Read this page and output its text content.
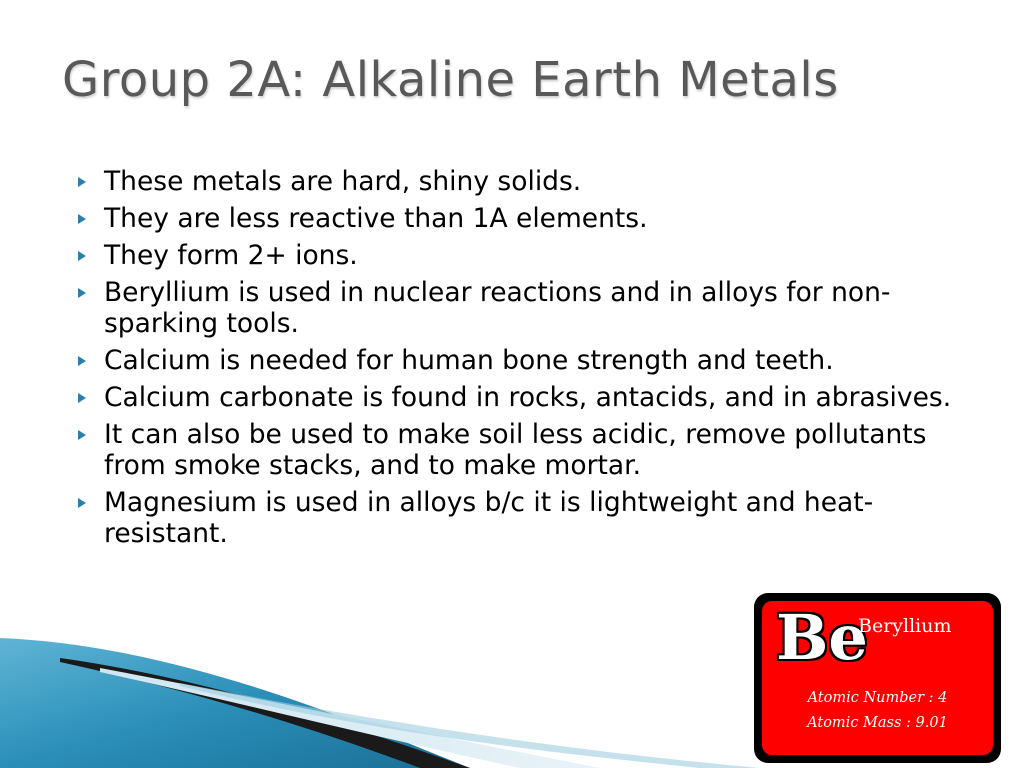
Group 2A: Alkaline Earth Metals
These metals are hard, shiny solids.
They are less reactive than 1A elements.
They form 2+ ions.
Beryllium is used in nuclear reactions and in alloys for non-sparking tools.
Calcium is needed for human bone strength and teeth.
Calcium carbonate is found in rocks, antacids, and in abrasives.
It can also be used to make soil less acidic, remove pollutants from smoke stacks, and to make mortar.
Magnesium is used in alloys b/c it is lightweight and heat-resistant.
Be
Beryllium
Atomic Number : 4
Atomic Mass : 9.01
